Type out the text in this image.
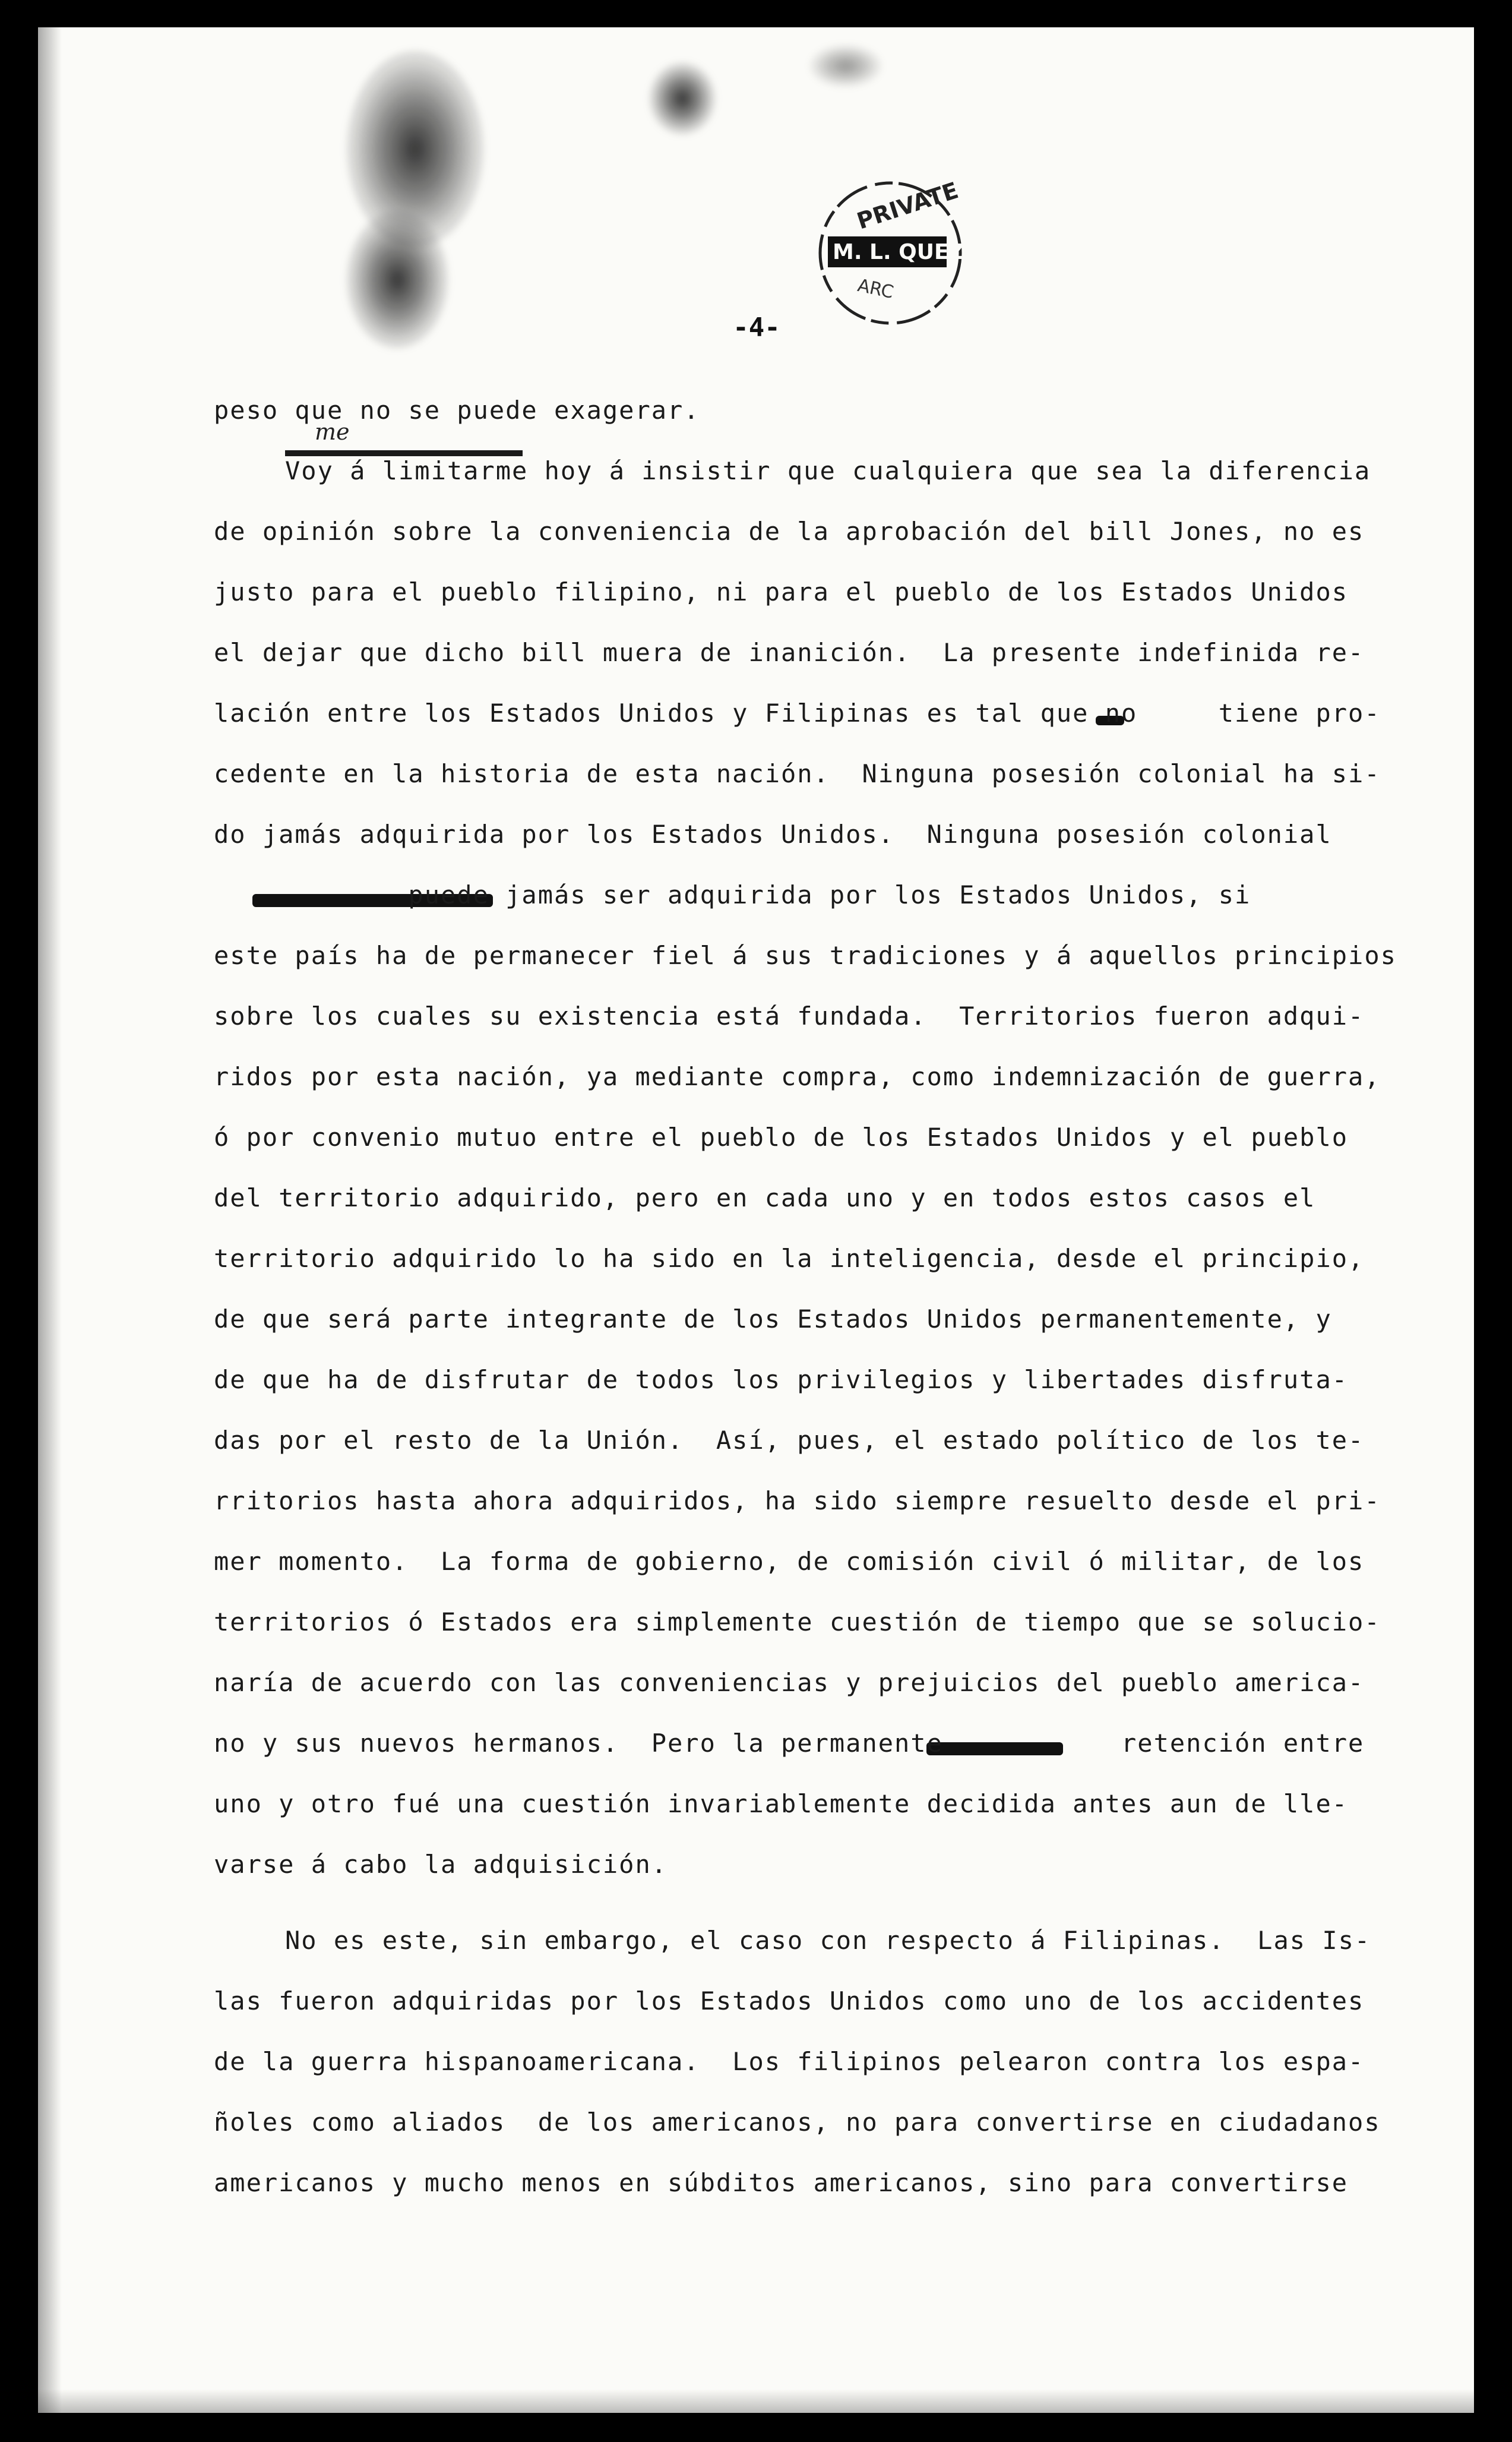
PRIVATE
M. L. QUEZON
ARC
-4-
me
peso que no se puede exagerar.
Voy á limitarme hoy á insistir que cualquiera que sea la diferencia
de opinión sobre la conveniencia de la aprobación del bill Jones, no es
justo para el pueblo filipino, ni para el pueblo de los Estados Unidos
el dejar que dicho bill muera de inanición.  La presente indefinida re-
lación entre los Estados Unidos y Filipinas es tal que no     tiene pro-
cedente en la historia de esta nación.  Ninguna posesión colonial ha si-
do jamás adquirida por los Estados Unidos.  Ninguna posesión colonial
puede jamás ser adquirida por los Estados Unidos, si
este país ha de permanecer fiel á sus tradiciones y á aquellos principios
sobre los cuales su existencia está fundada.  Territorios fueron adqui-
ridos por esta nación, ya mediante compra, como indemnización de guerra,
ó por convenio mutuo entre el pueblo de los Estados Unidos y el pueblo
del territorio adquirido, pero en cada uno y en todos estos casos el
territorio adquirido lo ha sido en la inteligencia, desde el principio,
de que será parte integrante de los Estados Unidos permanentemente, y
de que ha de disfrutar de todos los privilegios y libertades disfruta-
das por el resto de la Unión.  Así, pues, el estado político de los te-
rritorios hasta ahora adquiridos, ha sido siempre resuelto desde el pri-
mer momento.  La forma de gobierno, de comisión civil ó militar, de los
territorios ó Estados era simplemente cuestión de tiempo que se solucio-
naría de acuerdo con las conveniencias y prejuicios del pueblo america-
no y sus nuevos hermanos.  Pero la permanente           retención entre
uno y otro fué una cuestión invariablemente decidida antes aun de lle-
varse á cabo la adquisición.
No es este, sin embargo, el caso con respecto á Filipinas.  Las Is-
las fueron adquiridas por los Estados Unidos como uno de los accidentes
de la guerra hispanoamericana.  Los filipinos pelearon contra los espa-
ñoles como aliados  de los americanos, no para convertirse en ciudadanos
americanos y mucho menos en súbditos americanos, sino para convertirse
